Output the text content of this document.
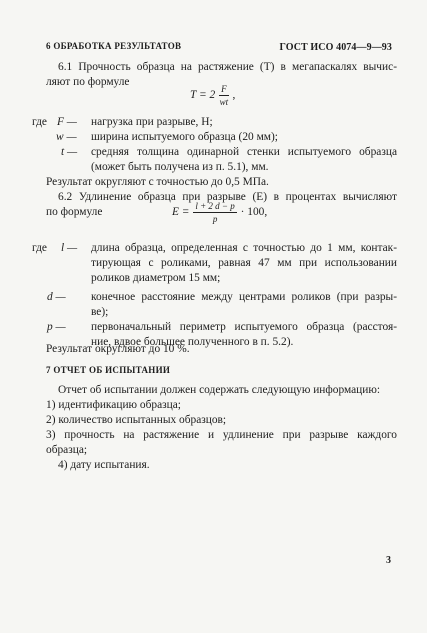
ГОСТ ИСО 4074—9—93
6 ОБРАБОТКА РЕЗУЛЬТАТОВ
6.1 Прочность образца на растяжение (T) в мегапаскалях вычис-
ляют по формуле
$T = 2 \frac{F}{wt}$ ,
где F — нагрузка при разрыве, Н;
w — ширина испытуемого образца (20 мм);
t — средняя толщина одинарной стенки испытуемого образца
(может быть получена из п. 5.1), мм.
Результат округляют с точностью до 0,5 МПа.
6.2 Удлинение образца при разрыве (E) в процентах вычисляют
по формуле	$E = \frac{l + 2 d - p}{p} \cdot 100$,
где l — длина образца, определенная с точностью до 1 мм, контак-
тирующая с роликами, равная 47 мм при использовании
роликов диаметром 15 мм;
d — конечное расстояние между центрами роликов (при разры-
ве);
p — первоначальный периметр испытуемого образца (расстоя-
ние, вдвое большее полученного в п. 5.2).
Результат округляют до 10 %.
7 ОТЧЕТ ОБ ИСПЫТАНИИ
Отчет об испытании должен содержать следующую информацию:
1) идентификацию образца;
2) количество испытанных образцов;
3) прочность на растяжение и удлинение при разрыве каждого
образца;
4) дату испытания.
3
